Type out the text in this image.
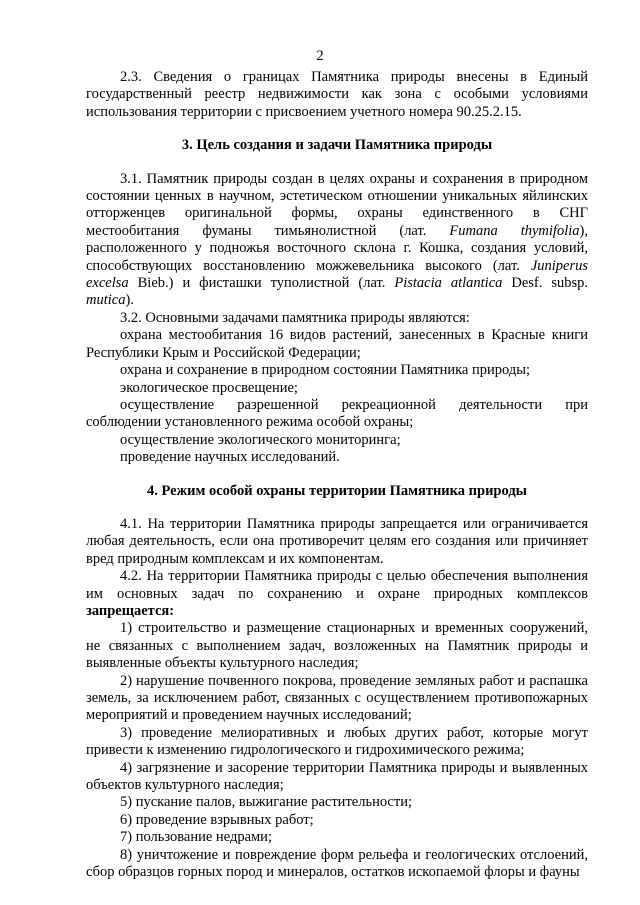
2

2.3. Сведения о границах Памятника природы внесены в Единый государственный реестр недвижимости как зона с особыми условиями использования территории с присвоением учетного номера 90.25.2.15.

3. Цель создания и задачи Памятника природы

3.1. Памятник природы создан в целях охраны и сохранения в природном состоянии ценных в научном, эстетическом отношении уникальных яйлинских отторженцев оригинальной формы, охраны единственного в СНГ местообитания фуманы тимьянолистной (лат. Fumana thymifolia), расположенного у подножья восточного склона г. Кошка, создания условий, способствующих восстановлению можжевельника высокого (лат. Juniperus excelsa Bieb.) и фисташки туполистной (лат. Pistacia atlantica Desf. subsp. mutica).

3.2. Основными задачами памятника природы являются:

охрана местообитания 16 видов растений, занесенных в Красные книги Республики Крым и Российской Федерации;

охрана и сохранение в природном состоянии Памятника природы;

экологическое просвещение;

осуществление разрешенной рекреационной деятельности при соблюдении установленного режима особой охраны;

осуществление экологического мониторинга;

проведение научных исследований.

4. Режим особой охраны территории Памятника природы

4.1. На территории Памятника природы запрещается или ограничивается любая деятельность, если она противоречит целям его создания или причиняет вред природным комплексам и их компонентам.

4.2. На территории Памятника природы с целью обеспечения выполнения им основных задач по сохранению и охране природных комплексов запрещается:

1) строительство и размещение стационарных и временных сооружений, не связанных с выполнением задач, возложенных на Памятник природы и выявленные объекты культурного наследия;

2) нарушение почвенного покрова, проведение земляных работ и распашка земель, за исключением работ, связанных с осуществлением противопожарных мероприятий и проведением научных исследований;

3) проведение мелиоративных и любых других работ, которые могут привести к изменению гидрологического и гидрохимического режима;

4) загрязнение и засорение территории Памятника природы и выявленных объектов культурного наследия;

5) пускание палов, выжигание растительности;

6) проведение взрывных работ;

7) пользование недрами;

8) уничтожение и повреждение форм рельефа и геологических отслоений, сбор образцов горных пород и минералов, остатков ископаемой флоры и фауны
